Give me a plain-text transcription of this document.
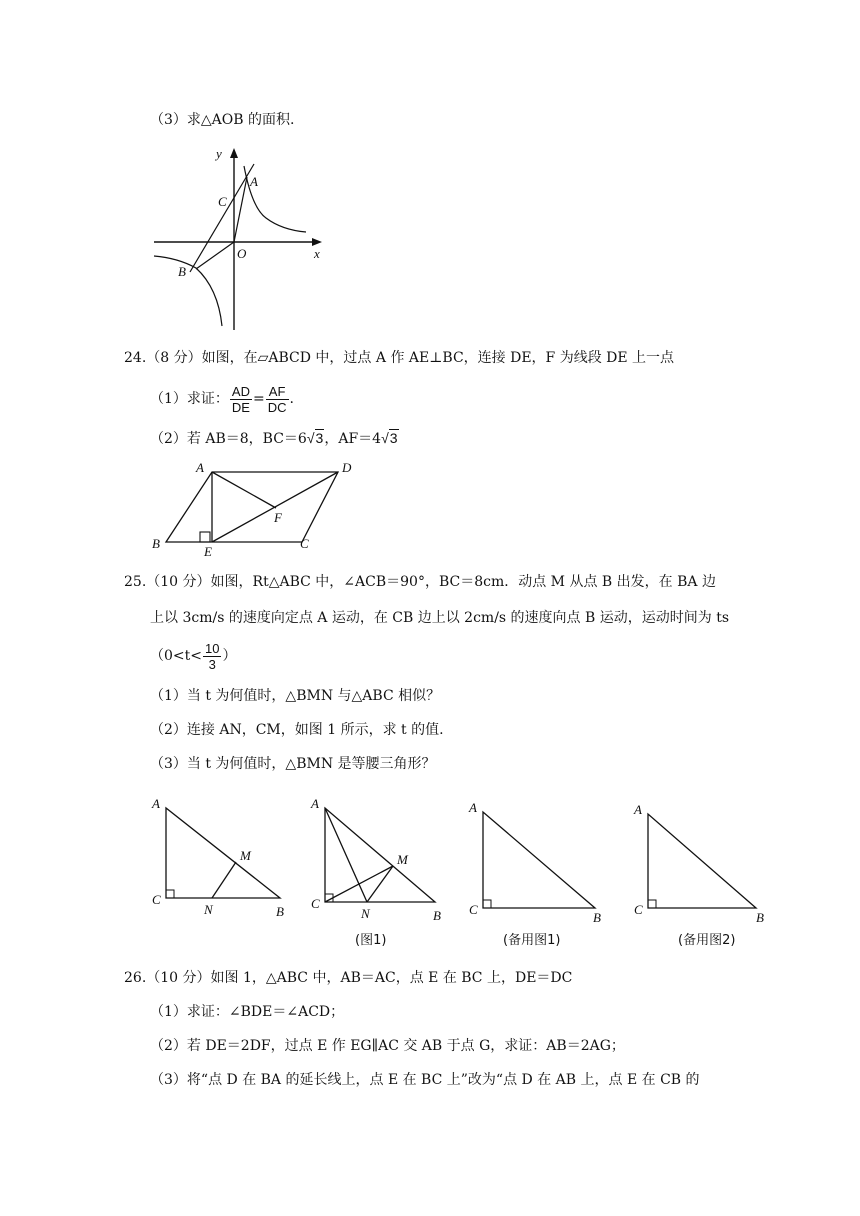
（3）求△AOB 的面积.
y
x
A
C
O
B
24.（8 分）如图，在▱ABCD 中，过点 A 作 AE⊥BC，连接 DE，F 为线段 DE 上一点
（1）求证： $\frac{AD}{DE} = \frac{AF}{DC}$ .
（2）若 AB＝8，BC＝6√3，AF＝4√3
A	D
F
B
E
C
25.（10 分）如图，Rt△ABC 中，∠ACB＝90°，BC＝8cm．动点 M 从点 B 出发，在 BA 边
上以 3cm/s 的速度向定点 A 运动，在 CB 边上以 2cm/s 的速度向点 B 运动，运动时间为 ts
（$0<t< \frac{10}{3}$ ）
（1）当 t 为何值时，△BMN 与△ABC 相似？
（2）连接 AN，CM，如图 1 所示，求 t 的值.
（3）当 t 为何值时，△BMN 是等腰三角形？
A
C
N
M
B
A
C
N
M
B
(图1)
A
C
B
(备用图1)
A
C
B
(备用图2)
26.（10 分）如图 1，△ABC 中，AB＝AC，点 E 在 BC 上，DE＝DC
（1）求证：∠BDE＝∠ACD；
（2）若 DE＝2DF，过点 E 作 EG∥AC 交 AB 于点 G，求证：AB＝2AG；
（3）将“点 D 在 BA 的延长线上，点 E 在 BC 上”改为“点 D 在 AB 上，点 E 在 CB 的
